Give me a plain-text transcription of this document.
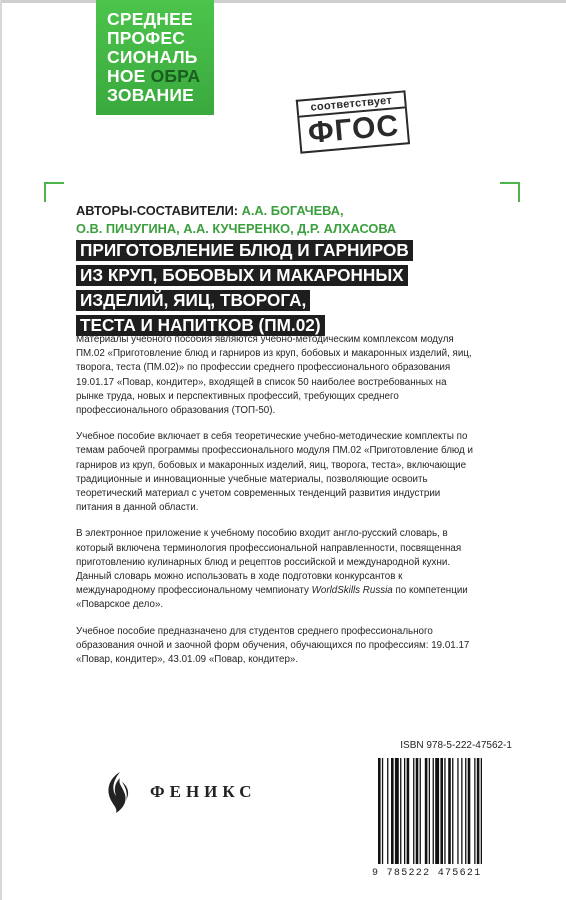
СРЕДНЕЕ
ПРОФЕС
СИОНАЛЬ
НОЕ ОБРА
ЗОВАНИЕ	соответствует
ФГОС
АВТОРЫ-СОСТАВИТЕЛИ: А.А. БОГАЧЕВА,
О.В. ПИЧУГИНА, А.А. КУЧЕРЕНКО, Д.Р. АЛХАСОВА
ПРИГОТОВЛЕНИЕ БЛЮД И ГАРНИРОВ
ИЗ КРУП, БОБОВЫХ И МАКАРОННЫХ
ИЗДЕЛИЙ, ЯИЦ, ТВОРОГА,
ТЕСТА И НАПИТКОВ (ПМ.02)

Материалы учебного пособия являются учебно-методическим комплексом модуля ПМ.02 «Приготовление блюд и гарниров из круп, бобовых и макаронных изделий, яиц, творога, теста (ПМ.02)» по профессии среднего профессионального образования 19.01.17 «Повар, кондитер», входящей в список 50 наиболее востребованных на рынке труда, новых и перспективных профессий, требующих среднего профессионального образования (ТОП-50).

Учебное пособие включает в себя теоретические учебно-методические комплекты по темам рабочей программы профессионального модуля ПМ.02 «Приготовление блюд и гарниров из круп, бобовых и макаронных изделий, яиц, творога, теста», включающие традиционные и инновационные учебные материалы, позволяющие освоить теоретический материал с учетом современных тенденций развития индустрии питания в данной области.

В электронное приложение к учебному пособию входит англо-русский словарь, в который включена терминология профессиональной направленности, посвященная приготовлению кулинарных блюд и рецептов российской и международной кухни. Данный словарь можно использовать в ходе подготовки конкурсантов к международному профессиональному чемпионату WorldSkills Russia по компетенции «Поварское дело».

Учебное пособие предназначено для студентов среднего профессионального образования очной и заочной форм обучения, обучающихся по профессиям: 19.01.17 «Повар, кондитер», 43.01.09 «Повар, кондитер».

ISBN 978-5-222-47562-1
ФЕНИКС
9 785222 475621
